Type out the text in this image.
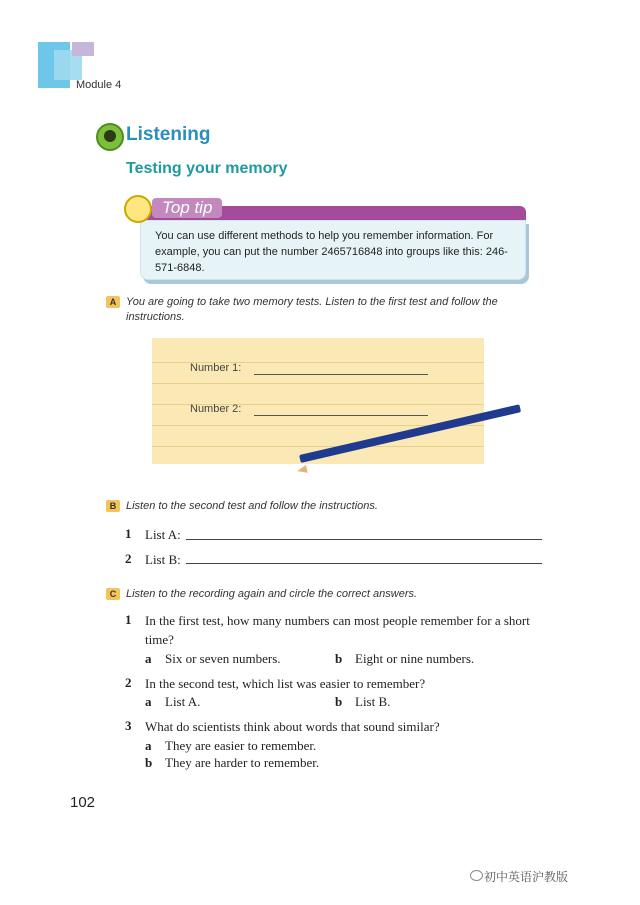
Module 4
Listening
Testing your memory
Top tip
You can use different methods to help you remember information. For example, you can put the number 2465716848 into groups like this: 246-571-6848.
A You are going to take two memory tests. Listen to the first test and follow the instructions.
Number 1:
Number 2:
B Listen to the second test and follow the instructions.
1 List A:
2 List B:
C Listen to the recording again and circle the correct answers.
1 In the first test, how many numbers can most people remember for a short time?
a Six or seven numbers.	b Eight or nine numbers.
2 In the second test, which list was easier to remember?
a List A.	b List B.
3 What do scientists think about words that sound similar?
a They are easier to remember.
b They are harder to remember.
102
初中英语沪教版
